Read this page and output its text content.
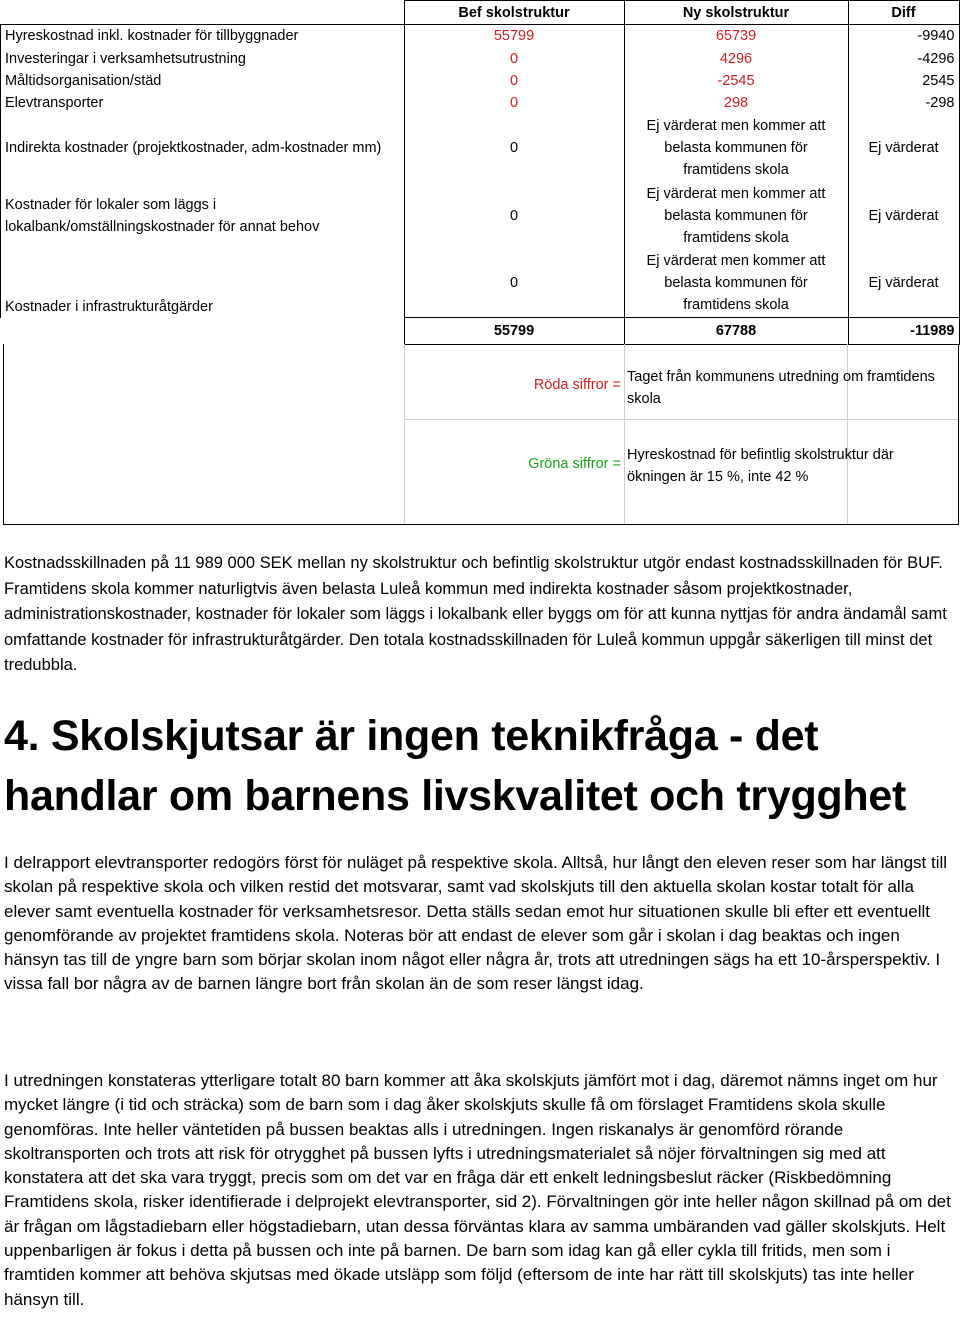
	Bef skolstruktur	Ny skolstruktur	Diff
Hyreskostnad inkl. kostnader för tillbyggnader	55799	65739	-9940
Investeringar i verksamhetsutrustning	0	4296	-4296
Måltidsorganisation/städ	0	-2545	2545
Elevtransporter	0	298	-298
Indirekta kostnader (projektkostnader, adm-kostnader mm)	0	Ej värderat men kommer att belasta kommunen för framtidens skola	Ej värderat
Kostnader för lokaler som läggs i lokalbank/omställningskostnader för annat behov	0	Ej värderat men kommer att belasta kommunen för framtidens skola	Ej värderat
Kostnader i infrastrukturåtgärder	0	Ej värderat men kommer att belasta kommunen för framtidens skola	Ej värderat
	55799	67788	-11989
Röda siffror = Taget från kommunens utredning om framtidens skola
Gröna siffror =
Hyreskostnad för befintlig skolstruktur där ökningen är 15 %, inte 42 %

Kostnadsskillnaden på 11 989 000 SEK mellan ny skolstruktur och befintlig skolstruktur utgör endast kostnadsskillnaden för BUF. Framtidens skola kommer naturligtvis även belasta Luleå kommun med indirekta kostnader såsom projektkostnader, administrationskostnader, kostnader för lokaler som läggs i lokalbank eller byggs om för att kunna nyttjas för andra ändamål samt omfattande kostnader för infrastrukturåtgärder. Den totala kostnadsskillnaden för Luleå kommun uppgår säkerligen till minst det tredubbla.

4. Skolskjutsar är ingen teknikfråga - det handlar om barnens livskvalitet och trygghet

I delrapport elevtransporter redogörs först för nuläget på respektive skola. Alltså, hur långt den eleven reser som har längst till skolan på respektive skola och vilken restid det motsvarar, samt vad skolskjuts till den aktuella skolan kostar totalt för alla elever samt eventuella kostnader för verksamhetsresor. Detta ställs sedan emot hur situationen skulle bli efter ett eventuellt genomförande av projektet framtidens skola. Noteras bör att endast de elever som går i skolan i dag beaktas och ingen hänsyn tas till de yngre barn som börjar skolan inom något eller några år, trots att utredningen sägs ha ett 10-årsperspektiv. I vissa fall bor några av de barnen längre bort från skolan än de som reser längst idag.

I utredningen konstateras ytterligare totalt 80 barn kommer att åka skolskjuts jämfört mot i dag, däremot nämns inget om hur mycket längre (i tid och sträcka) som de barn som i dag åker skolskjuts skulle få om förslaget Framtidens skola skulle genomföras. Inte heller väntetiden på bussen beaktas alls i utredningen. Ingen riskanalys är genomförd rörande skoltransporten och trots att risk för otrygghet på bussen lyfts i utredningsmaterialet så nöjer förvaltningen sig med att konstatera att det ska vara tryggt, precis som om det var en fråga där ett enkelt ledningsbeslut räcker (Riskbedömning Framtidens skola, risker identifierade i delprojekt elevtransporter, sid 2). Förvaltningen gör inte heller någon skillnad på om det är frågan om lågstadiebarn eller högstadiebarn, utan dessa förväntas klara av samma umbäranden vad gäller skolskjuts. Helt uppenbarligen är fokus i detta på bussen och inte på barnen. De barn som idag kan gå eller cykla till fritids, men som i framtiden kommer att behöva skjutsas med ökade utsläpp som följd (eftersom de inte har rätt till skolskjuts) tas inte heller hänsyn till.
